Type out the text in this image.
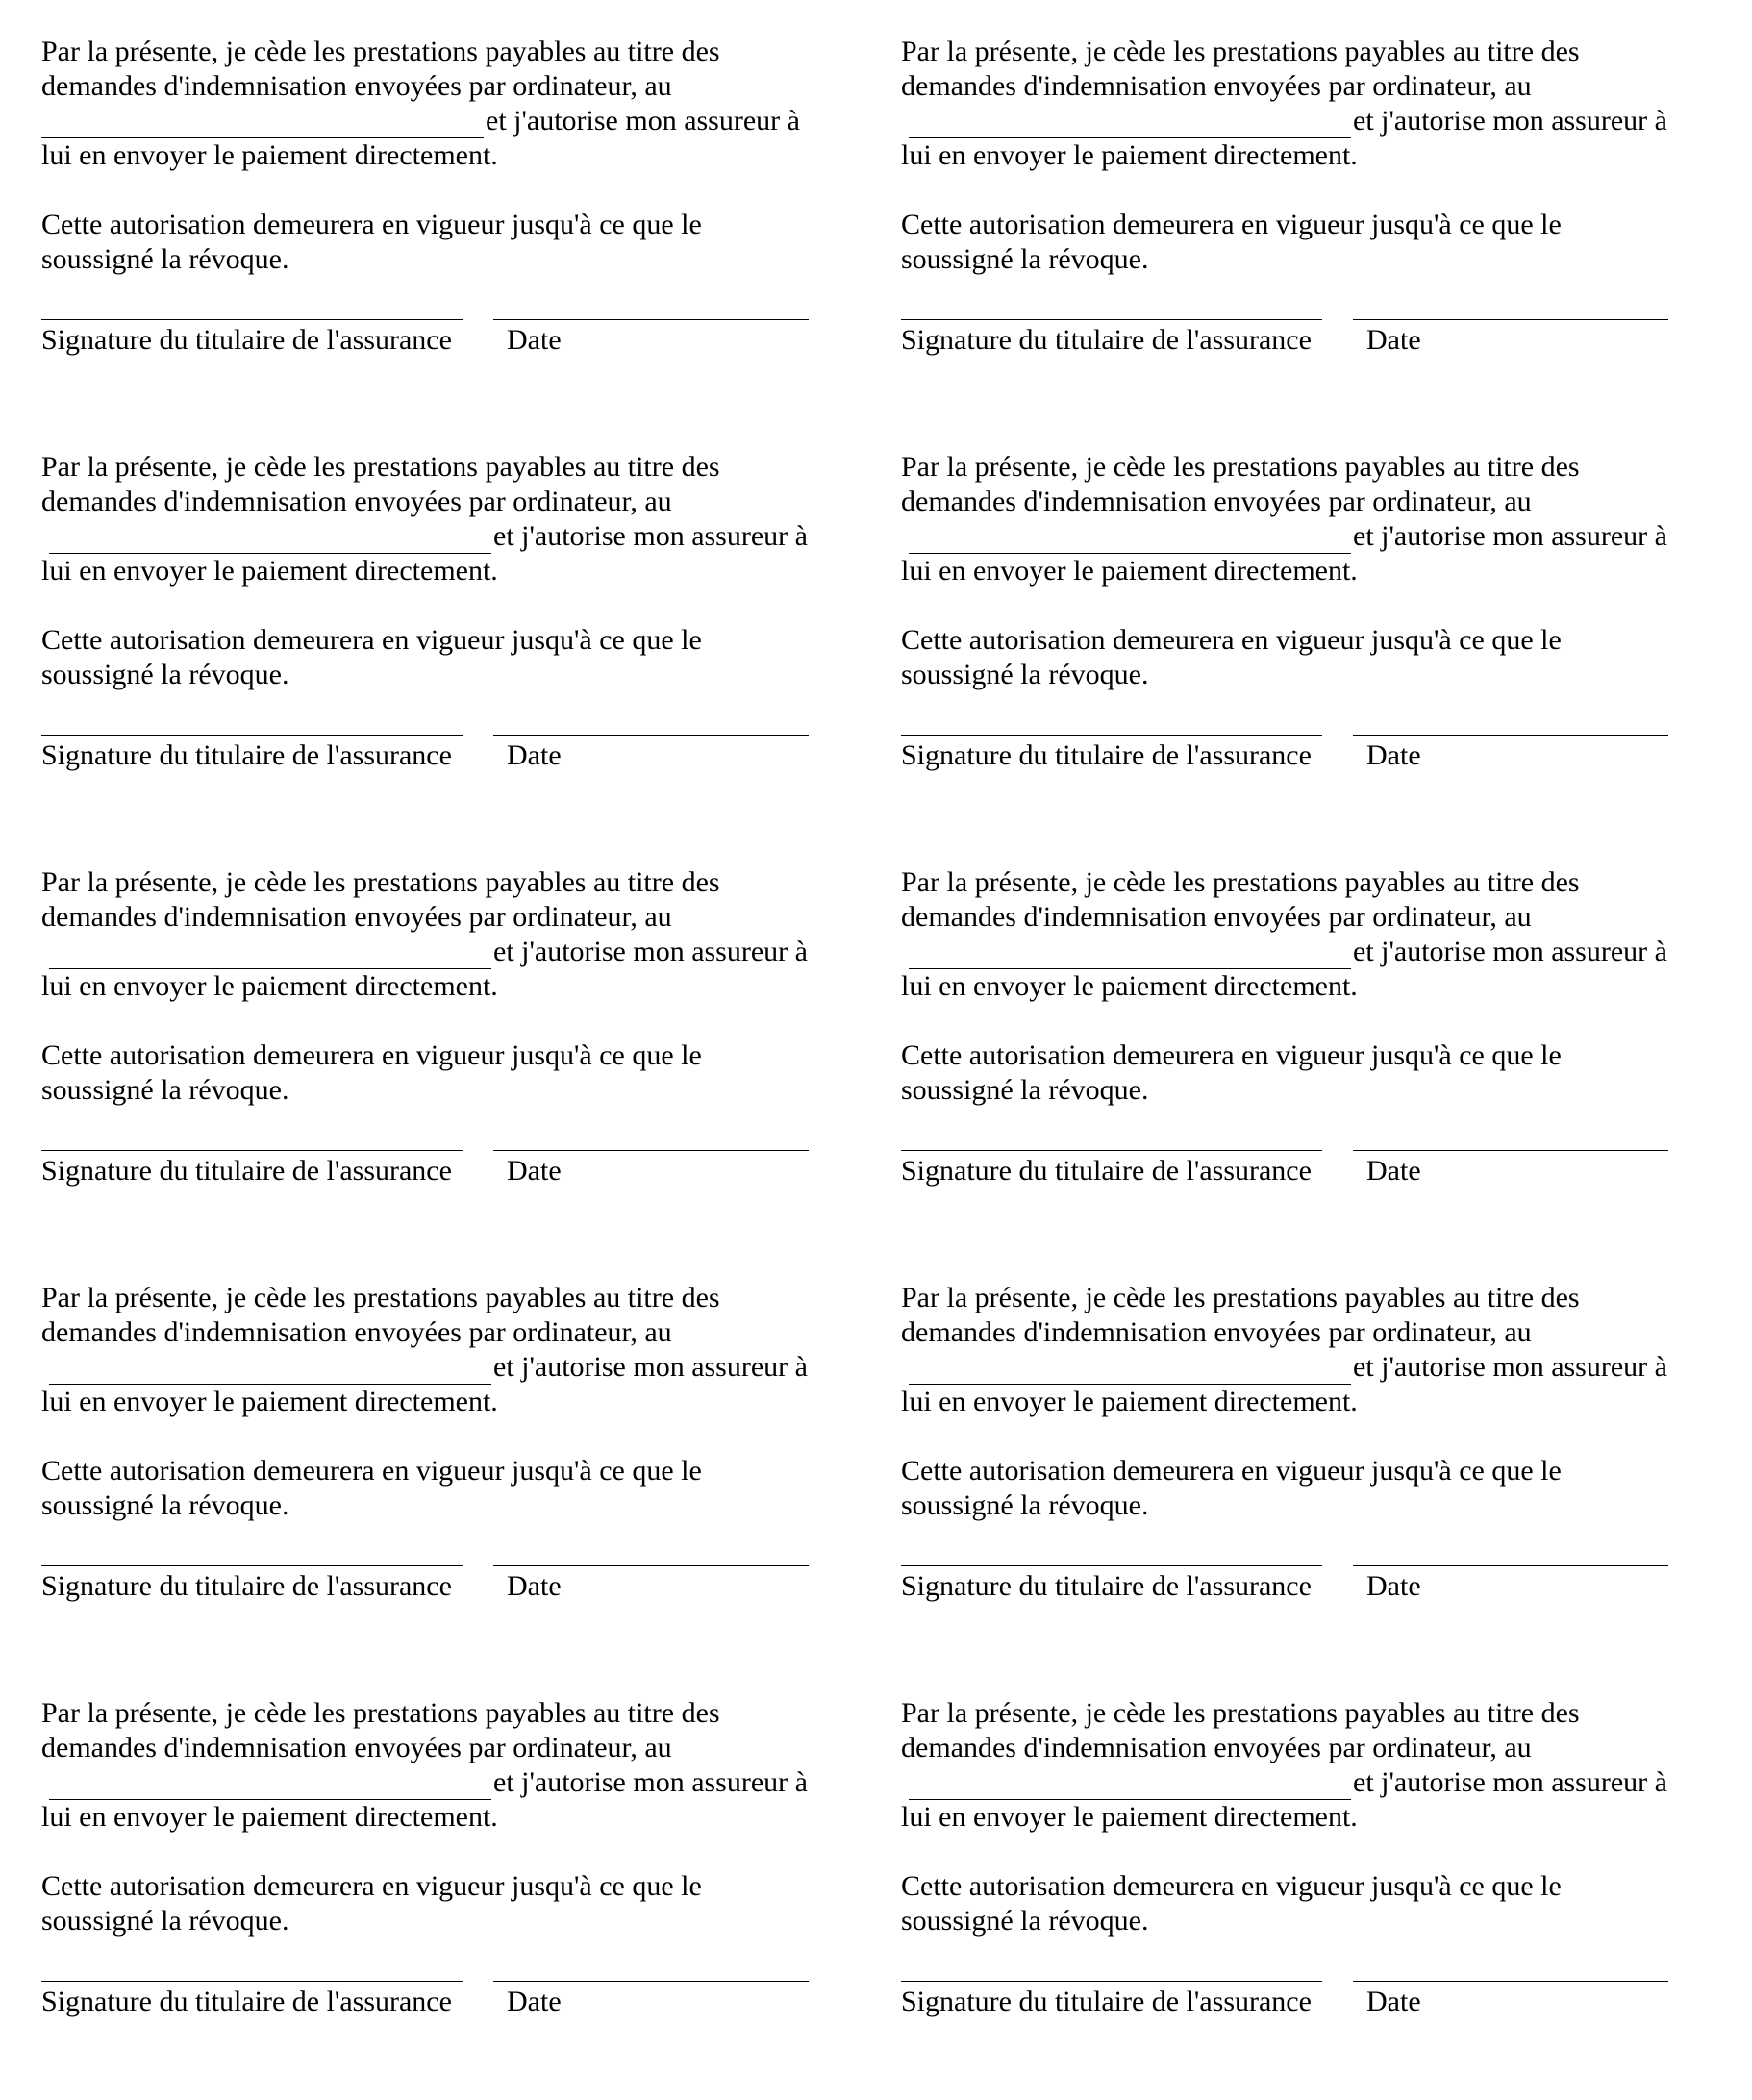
Par la présente, je cède les prestations payables au titre des

demandes d'indemnisation envoyées par ordinateur, au

et j'autorise mon assureur à

lui en envoyer le paiement directement.

Cette autorisation demeurera en vigueur jusqu'à ce que le

soussigné la révoque.

Signature du titulaire de l'assurance Date

Par la présente, je cède les prestations payables au titre des

demandes d'indemnisation envoyées par ordinateur, au

et j'autorise mon assureur à

lui en envoyer le paiement directement.

Cette autorisation demeurera en vigueur jusqu'à ce que le

soussigné la révoque.

Signature du titulaire de l'assurance Date

Par la présente, je cède les prestations payables au titre des

demandes d'indemnisation envoyées par ordinateur, au

et j'autorise mon assureur à

lui en envoyer le paiement directement.

Cette autorisation demeurera en vigueur jusqu'à ce que le

soussigné la révoque.

Signature du titulaire de l'assurance Date

Par la présente, je cède les prestations payables au titre des

demandes d'indemnisation envoyées par ordinateur, au

et j'autorise mon assureur à

lui en envoyer le paiement directement.

Cette autorisation demeurera en vigueur jusqu'à ce que le

soussigné la révoque.

Signature du titulaire de l'assurance Date

Par la présente, je cède les prestations payables au titre des

demandes d'indemnisation envoyées par ordinateur, au

et j'autorise mon assureur à

lui en envoyer le paiement directement.

Cette autorisation demeurera en vigueur jusqu'à ce que le

soussigné la révoque.

Signature du titulaire de l'assurance Date

Par la présente, je cède les prestations payables au titre des

demandes d'indemnisation envoyées par ordinateur, au

et j'autorise mon assureur à

lui en envoyer le paiement directement.

Cette autorisation demeurera en vigueur jusqu'à ce que le

soussigné la révoque.

Signature du titulaire de l'assurance Date

Par la présente, je cède les prestations payables au titre des

demandes d'indemnisation envoyées par ordinateur, au

et j'autorise mon assureur à

lui en envoyer le paiement directement.

Cette autorisation demeurera en vigueur jusqu'à ce que le

soussigné la révoque.

Signature du titulaire de l'assurance Date

Par la présente, je cède les prestations payables au titre des

demandes d'indemnisation envoyées par ordinateur, au

et j'autorise mon assureur à

lui en envoyer le paiement directement.

Cette autorisation demeurera en vigueur jusqu'à ce que le

soussigné la révoque.

Signature du titulaire de l'assurance Date

Par la présente, je cède les prestations payables au titre des

demandes d'indemnisation envoyées par ordinateur, au

et j'autorise mon assureur à

lui en envoyer le paiement directement.

Cette autorisation demeurera en vigueur jusqu'à ce que le

soussigné la révoque.

Signature du titulaire de l'assurance Date

Par la présente, je cède les prestations payables au titre des

demandes d'indemnisation envoyées par ordinateur, au

et j'autorise mon assureur à

lui en envoyer le paiement directement.

Cette autorisation demeurera en vigueur jusqu'à ce que le

soussigné la révoque.

Signature du titulaire de l'assurance Date
